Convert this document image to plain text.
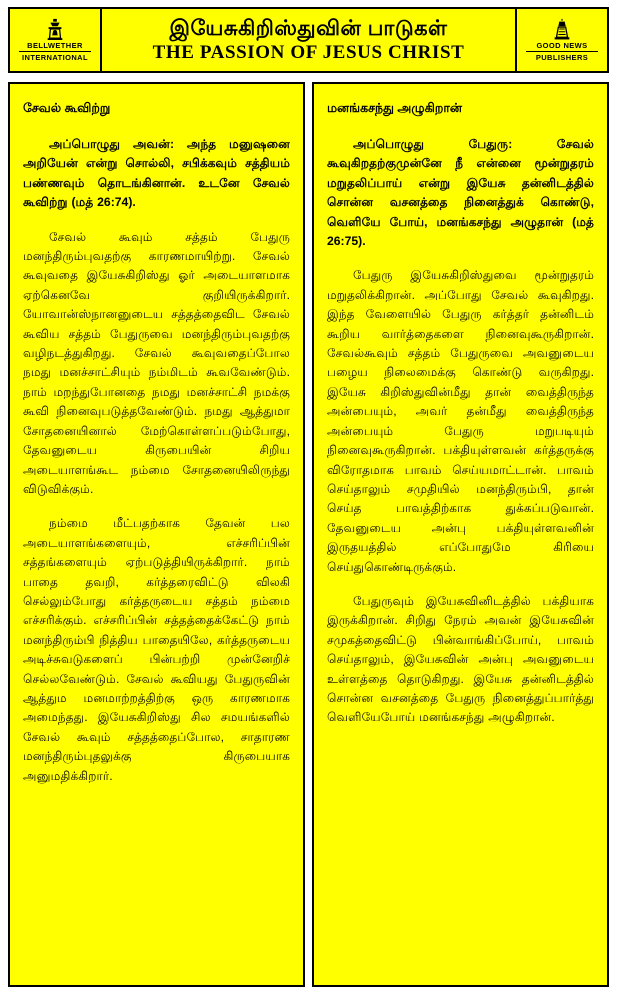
BELLWETHER
INTERNATIONAL
இயேசுகிறிஸ்துவின் பாடுகள்
THE PASSION OF JESUS CHRIST	GOOD NEWS
PUBLISHERS
சேவல் கூவிற்று

அப்பொழுது அவன்: அந்த மனுஷனை அறியேன் என்று சொல்லி, சபிக்கவும் சத்தியம் பண்ணவும் தொடங்கினான். உடனே சேவல் கூவிற்று (மத் 26:74).

சேவல் கூவும் சத்தம் பேதுரு மனந்திரும்புவதற்கு காரணமாயிற்று. சேவல் கூவுவதை இயேசுகிறிஸ்து ஓர் அடையாளமாக ஏற்கெனவே குறியிருக்கிறார். யோவான்ஸ்நானனுடைய சத்தத்தைவிட சேவல் கூவிய சத்தம் பேதுருவை மனந்திரும்புவதற்கு வழிநடத்துகிறது. சேவல் கூவுவதைப்போல நமது மனச்சாட்சியும் நம்மிடம் கூவவேண்டும். நாம் மறந்துபோனதை நமது மனச்சாட்சி நமக்கு கூவி நினைவுபடுத்தவேண்டும். நமது ஆத்துமா சோதனையினால் மேற்கொள்ளப்படும்போது, தேவனுடைய கிருபையின் சிறிய அடையாளங்கூட நம்மை சோதனையிலிருந்து விடுவிக்கும்.

நம்மை மீட்பதற்காக தேவன் பல அடையாளங்களையும், எச்சரிப்பின் சத்தங்களையும் ஏற்படுத்தியிருக்கிறார். நாம் பாதை தவறி, கர்த்தரைவிட்டு விலகி செல்லும்போது கர்த்தருடைய சத்தம் நம்மை எச்சரிக்கும். எச்சரிப்பின் சத்தத்தைக்கேட்டு நாம் மனந்திரும்பி நித்திய பாதையிலே, கர்த்தருடைய அடிச்சுவடுகளைப் பின்பற்றி முன்னேறிச் செல்லவேண்டும். சேவல் கூவியது பேதுருவின் ஆத்தும மனமாற்றத்திற்கு ஒரு காரணமாக அமைந்தது. இயேசுகிறிஸ்து சில சமயங்களில் சேவல் கூவும் சத்தத்தைப்போல, சாதாரண மனந்திரும்புதலுக்கு கிருபையாக அனுமதிக்கிறார்.

மனங்கசந்து அழுகிறான்

அப்பொழுது பேதுரு: சேவல் கூவுகிறதற்குமுன்னே நீ என்னை மூன்றுதரம் மறுதலிப்பாய் என்று இயேசு தன்னிடத்தில் சொன்ன வசனத்தை நினைத்துக் கொண்டு, வெளியே போய், மனங்கசந்து அழுதான் (மத் 26:75).

பேதுரு இயேசுகிறிஸ்துவை மூன்றுதரம் மறுதலிக்கிறான். அப்போது சேவல் கூவுகிறது. இந்த வேளையில் பேதுரு கர்த்தர் தன்னிடம் கூறிய வார்த்தைகளை நினைவுகூருகிறான். சேவல்கூவும் சத்தம் பேதுருவை அவனுடைய பழைய நிலைமைக்கு கொண்டு வருகிறது. இயேசு கிறிஸ்துவின்மீது தான் வைத்திருந்த அன்பையும், அவர் தன்மீது வைத்திருந்த அன்பையும் பேதுரு மறுபடியும் நினைவுகூருகிறான். பக்தியுள்ளவன் கர்த்தருக்கு விரோதமாக பாவம் செய்யமாட்டான். பாவம் செய்தாலும் சமுதியில் மனந்திரும்பி, தான் செய்த பாவத்திற்காக துக்கப்படுவான். தேவனுடைய அன்பு பக்தியுள்ளவனின் இருதயத்தில் எப்போதுமே கிரியை செய்துகொண்டிருக்கும்.

பேதுருவும் இயேசுவினிடத்தில் பக்தியாக இருக்கிறான். சிறிது நேரம் அவன் இயேசுவின் சமுகத்தைவிட்டு பின்வாங்கிப்போய், பாவம் செய்தாலும், இயேசுவின் அன்பு அவனுடைய உள்ளத்தை தொடுகிறது. இயேசு தன்னிடத்தில் சொன்ன வசனத்தை பேதுரு நினைத்துப்பார்த்து வெளியேபோய் மனங்கசந்து அழுகிறான்.
